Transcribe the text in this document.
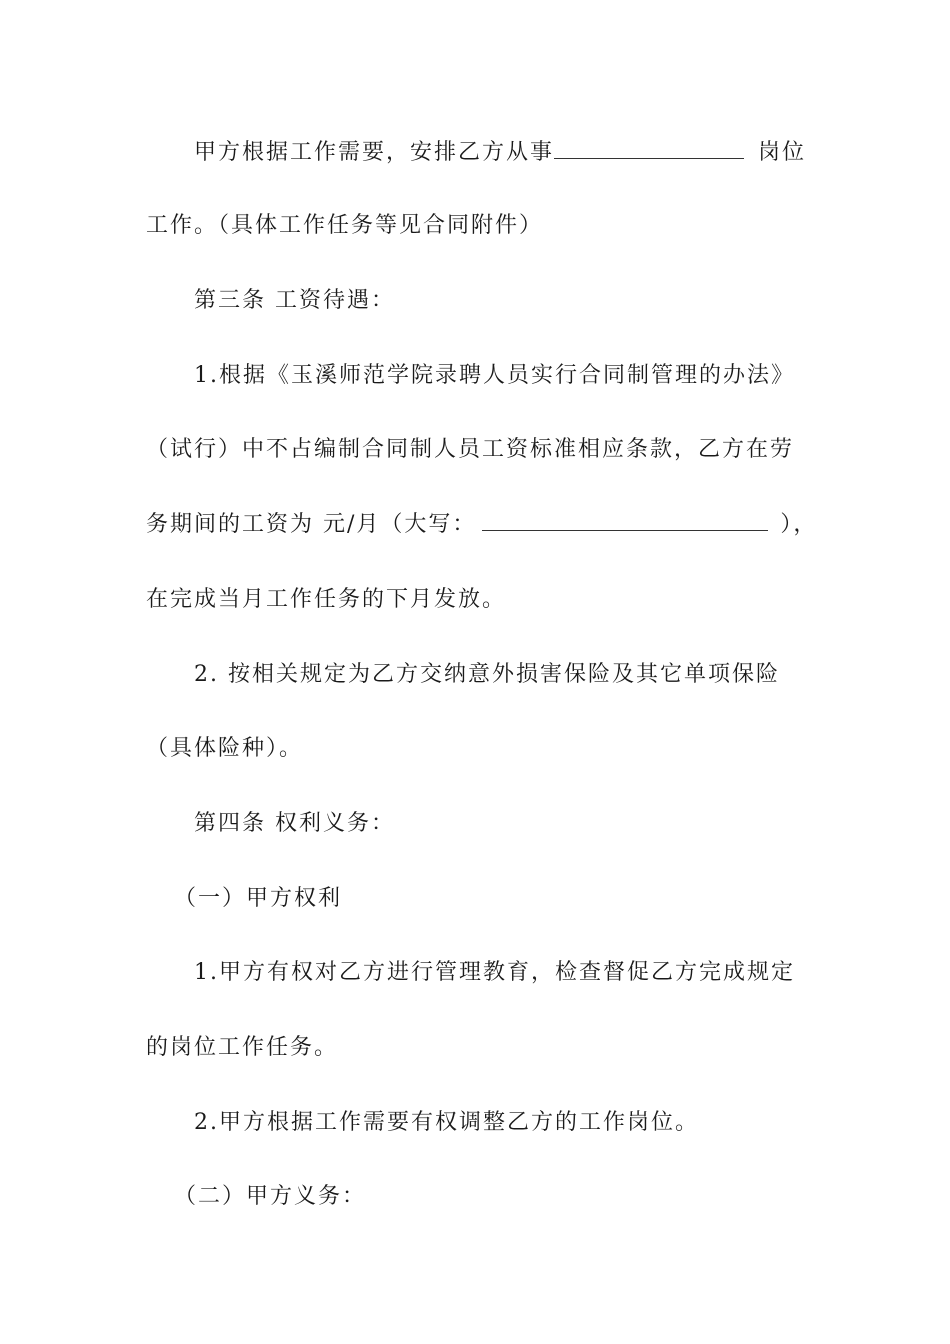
甲方根据工作需要，安排乙方从事	岗位
工作。（具体工作任务等见合同附件）
第三条 工资待遇：
1.根据《玉溪师范学院录聘人员实行合同制管理的办法》
（试行）中不占编制合同制人员工资标准相应条款，乙方在劳
务期间的工资为 元/月（大写：	），
在完成当月工作任务的下月发放。
2. 按相关规定为乙方交纳意外损害保险及其它单项保险
（具体险种）。
第四条 权利义务：
（一）甲方权利
1.甲方有权对乙方进行管理教育，检查督促乙方完成规定
的岗位工作任务。
2.甲方根据工作需要有权调整乙方的工作岗位。
（二）甲方义务：
